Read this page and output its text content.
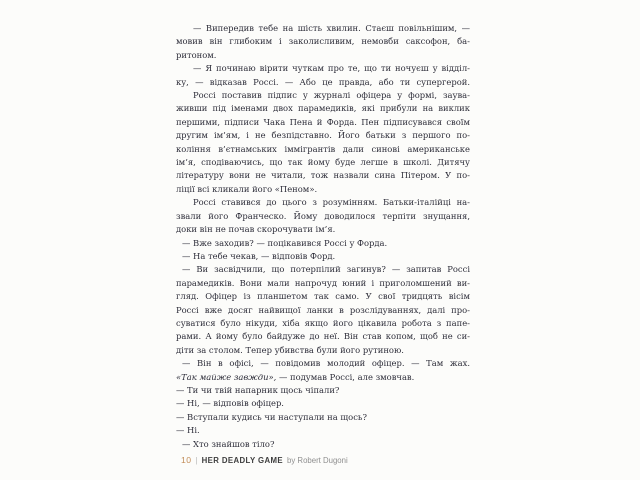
— Випередив тебе на шість хвилин. Стаєш повільнішим, —
мовив він глибоким і заколисливим, немовби саксофон, ба-
ритоном.
— Я починаю вірити чуткам про те, що ти ночуєш у відділ-
ку, — відказав Россі. — Або це правда, або ти супергерой.
Россі поставив підпис у журналі офіцера у формі, заува-
живши під іменами двох парамедиків, які прибули на виклик
першими, підписи Чака Пена й Форда. Пен підписувався своїм
другим ім’ям, і не безпідставно. Його батьки з першого по-
коління в’єтнамських іммігрантів дали синові американське
ім’я, сподіваючись, що так йому буде легше в школі. Дитячу
літературу вони не читали, тож назвали сина Пітером. У по-
ліції всі кликали його «Пеном».
Россі ставився до цього з розумінням. Батьки-італійці на-
звали його Франческо. Йому доводилося терпіти знущання,
доки він не почав скорочувати ім’я.
— Вже заходив? — поцікавився Россі у Форда.
— На тебе чекав, — відповів Форд.
— Ви засвідчили, що потерпілий загинув? — запитав Россі
парамедиків. Вони мали напрочуд юний і приголомшений ви-
гляд. Офіцер із планшетом так само. У свої тридцять вісім
Россі вже досяг найвищої ланки в розслідуваннях, далі про-
суватися було нікуди, хіба якщо його цікавила робота з папе-
рами. А йому було байдуже до неї. Він став копом, щоб не си-
діти за столом. Тепер убивства були його рутиною.
— Він в офісі, — повідомив молодий офіцер. — Там жах.
«Так майже завжди», — подумав Россі, але змовчав.
— Ти чи твій напарник щось чіпали?
— Ні, — відповів офіцер.
— Вступали кудись чи наступали на щось?
— Ні.
— Хто знайшов тіло?
10 | HER DEADLY GAME by Robert Dugoni
